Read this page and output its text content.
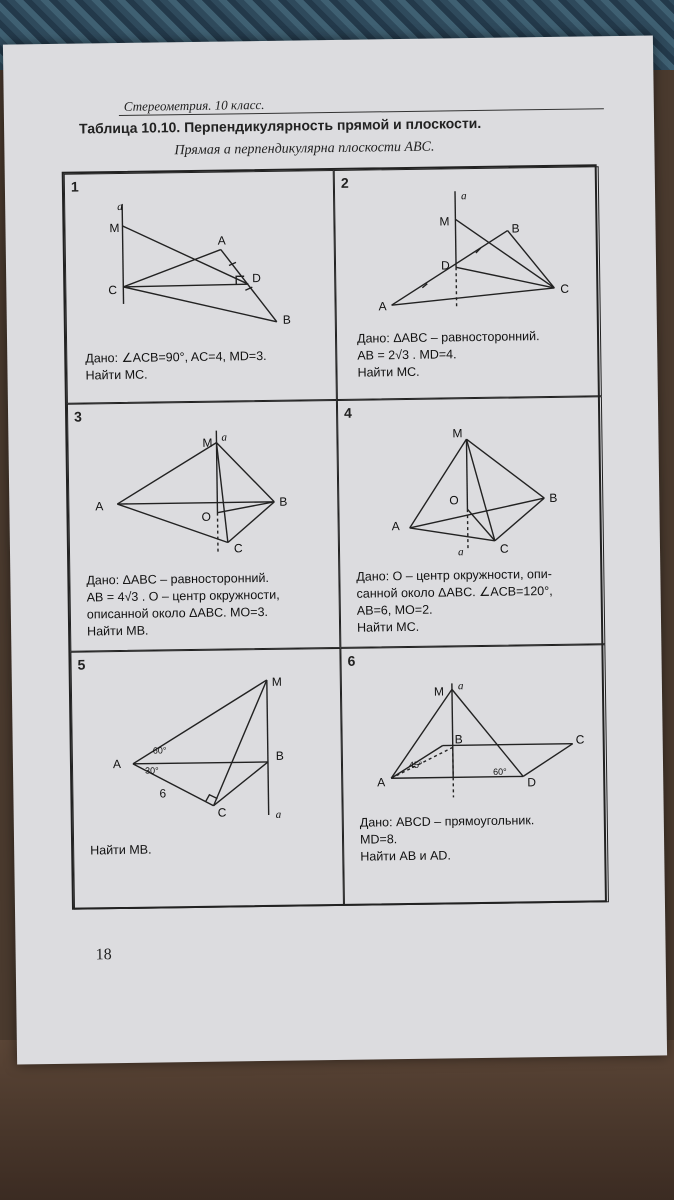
Стереометрия. 10 класс.
Таблица 10.10. Перпендикулярность прямой и плоскости.
Прямая а перпендикулярна плоскости ABC.
1
a
M
A
D
C
B
Дано: ∠ACB=90°, AC=4, MD=3.
Найти MC.
2
a
M	B
D
A
C
Дано: ΔABC – равносторонний.
AB = 2√3 . MD=4.
Найти MC.
3
M a
A	B
O
C
Дано: ΔABC – равносторонний.
AB = 4√3 . O – центр окружности,
описанной около ΔABC. MO=3.
Найти MB.
4
M
O	B
A
a	C
Дано: O – центр окружности, опи-
санной около ΔABC. ∠ACB=120°,
AB=6, MO=2.
Найти MC.
5
M
A
B
C	a
6
60°
30°
Найти MB.
6
M a
B	C
A	D
45°
60°
Дано: ABCD – прямоугольник.
MD=8.
Найти AB и AD.
18
